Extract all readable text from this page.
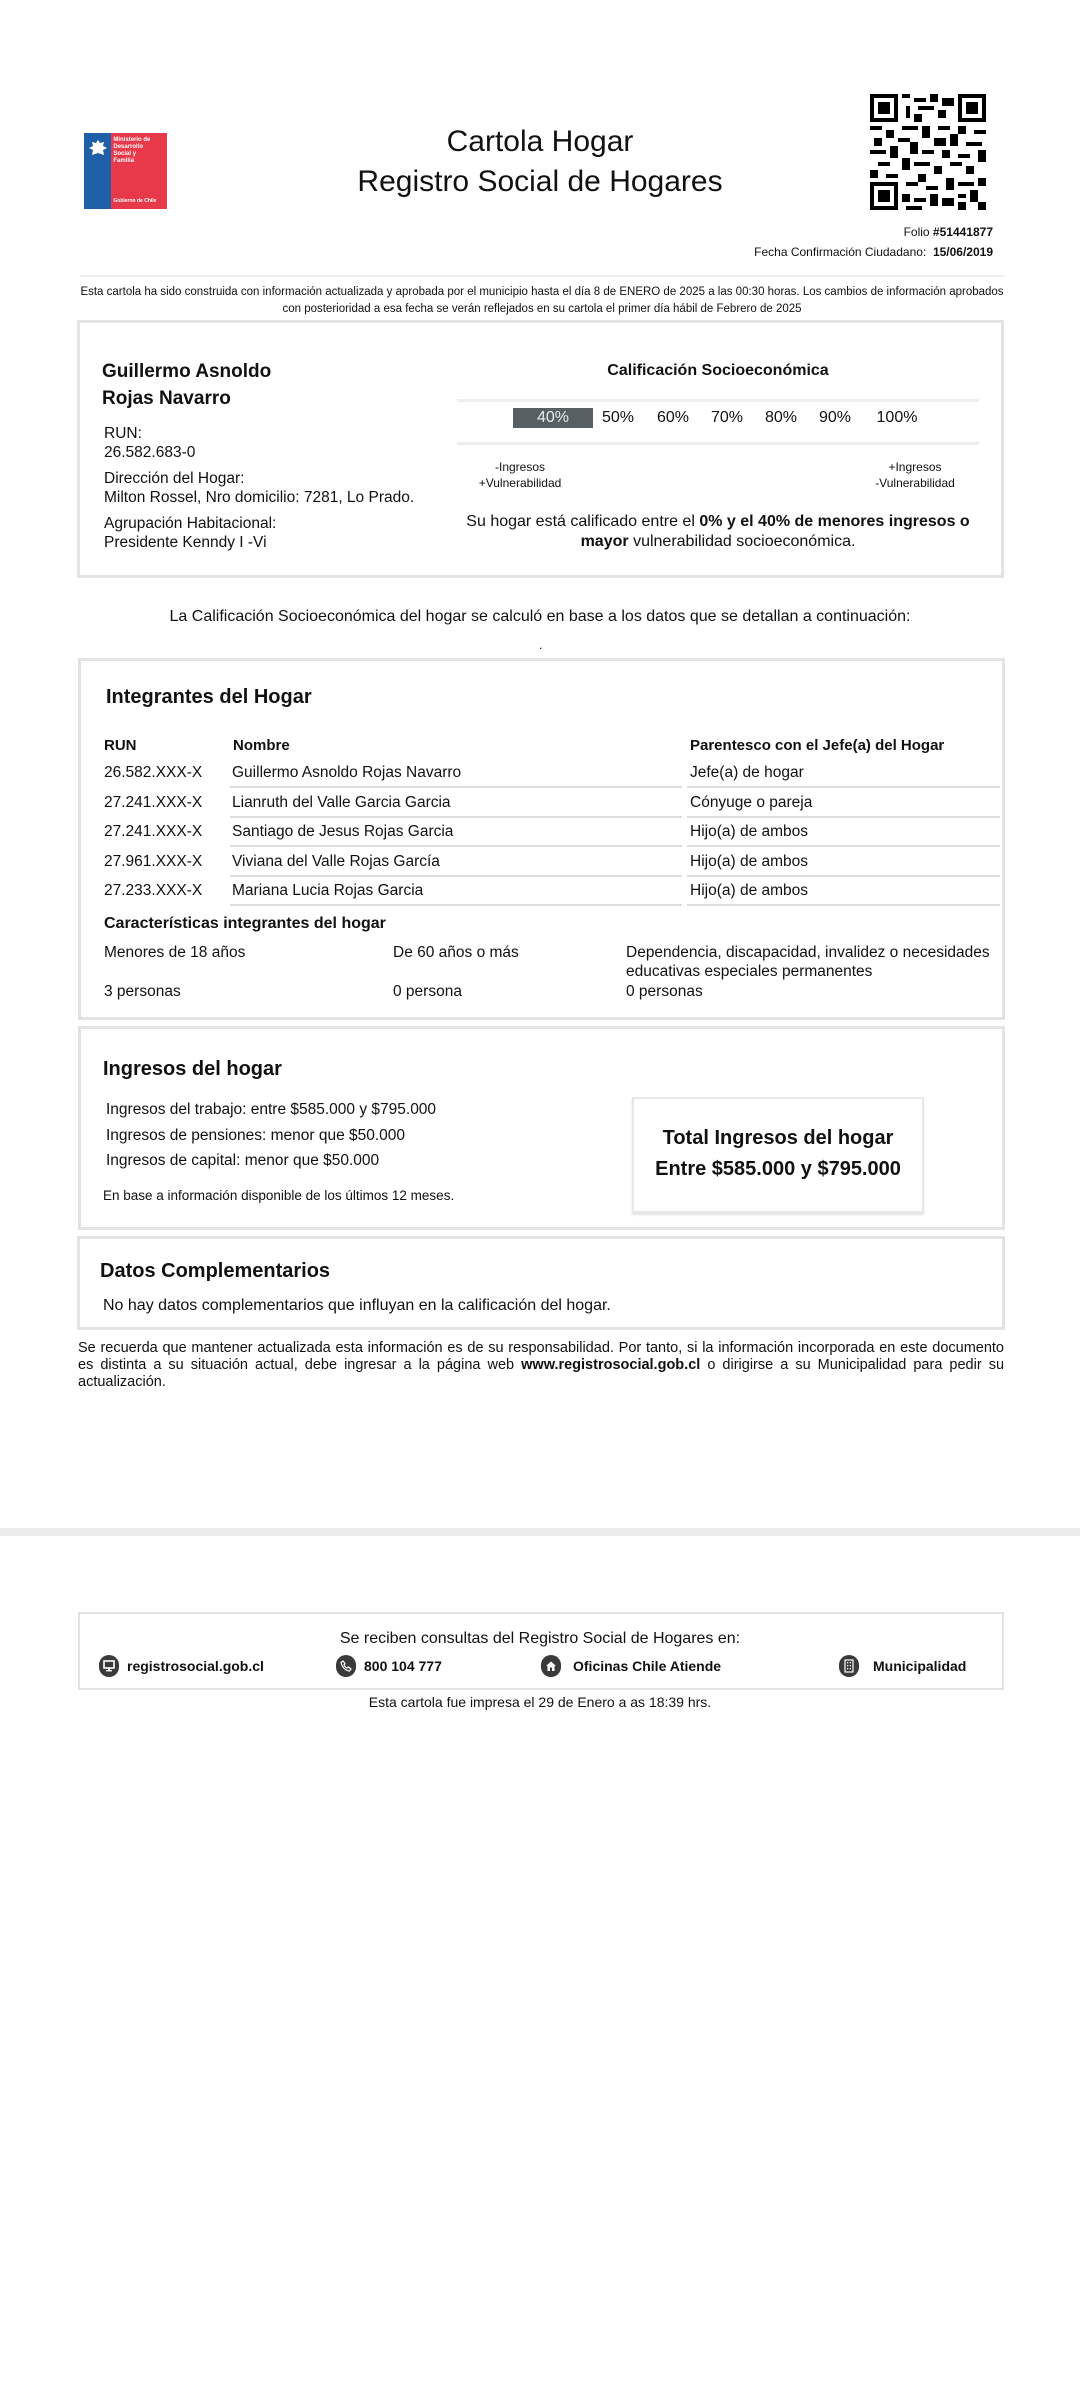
Ministerio de
Desarrollo
Social y
Familia
Gobierno de Chile
Cartola Hogar
Registro Social de Hogares
Folio #51441877
Fecha Confirmación Ciudadano: 15/06/2019
Esta cartola ha sido construida con información actualizada y aprobada por el municipio hasta el día 8 de ENERO de 2025 a las 00:30 horas. Los cambios de información aprobados con posterioridad a esa fecha se verán reflejados en su cartola el primer día hábil de Febrero de 2025
Guillermo Asnoldo
Rojas Navarro
RUN:
26.582.683-0
Dirección del Hogar:
Milton Rossel, Nro domicilio: 7281, Lo Prado.
Agrupación Habitacional:
Presidente Kenndy I -Vi
Calificación Socioeconómica
40%	50%	60%	70%	80%	90%	100%
-Ingresos
+Vulnerabilidad
+Ingresos
-Vulnerabilidad
Su hogar está calificado entre el 0% y el 40% de menores ingresos o mayor vulnerabilidad socioeconómica.
La Calificación Socioeconómica del hogar se calculó en base a los datos que se detallan a continuación:
.
Integrantes del Hogar
RUN	Nombre	Parentesco con el Jefe(a) del Hogar
26.582.XXX-X Guillermo Asnoldo Rojas Navarro	Jefe(a) de hogar
27.241.XXX-X Lianruth del Valle Garcia Garcia	Cónyuge o pareja
27.241.XXX-X Santiago de Jesus Rojas Garcia	Hijo(a) de ambos
27.961.XXX-X Viviana del Valle Rojas García	Hijo(a) de ambos
27.233.XXX-X Mariana Lucia Rojas Garcia	Hijo(a) de ambos
Características integrantes del hogar
Menores de 18 años	De 60 años o más	Dependencia, discapacidad, invalidez o necesidades educativas especiales permanentes
3 personas	0 persona	0 personas
Ingresos del hogar
Ingresos del trabajo: entre $585.000 y $795.000
Ingresos de pensiones: menor que $50.000
Ingresos de capital: menor que $50.000
En base a información disponible de los últimos 12 meses.
Total Ingresos del hogar
Entre $585.000 y $795.000
Datos Complementarios
No hay datos complementarios que influyan en la calificación del hogar.
Se recuerda que mantener actualizada esta información es de su responsabilidad. Por tanto, si la información incorporada en este documento es distinta a su situación actual, debe ingresar a la página web www.registrosocial.gob.cl o dirigirse a su Municipalidad para pedir su actualización.
Se reciben consultas del Registro Social de Hogares en:
registrosocial.gob.cl	800 104 777	Oficinas Chile Atiende	Municipalidad
Esta cartola fue impresa el 29 de Enero a as 18:39 hrs.
